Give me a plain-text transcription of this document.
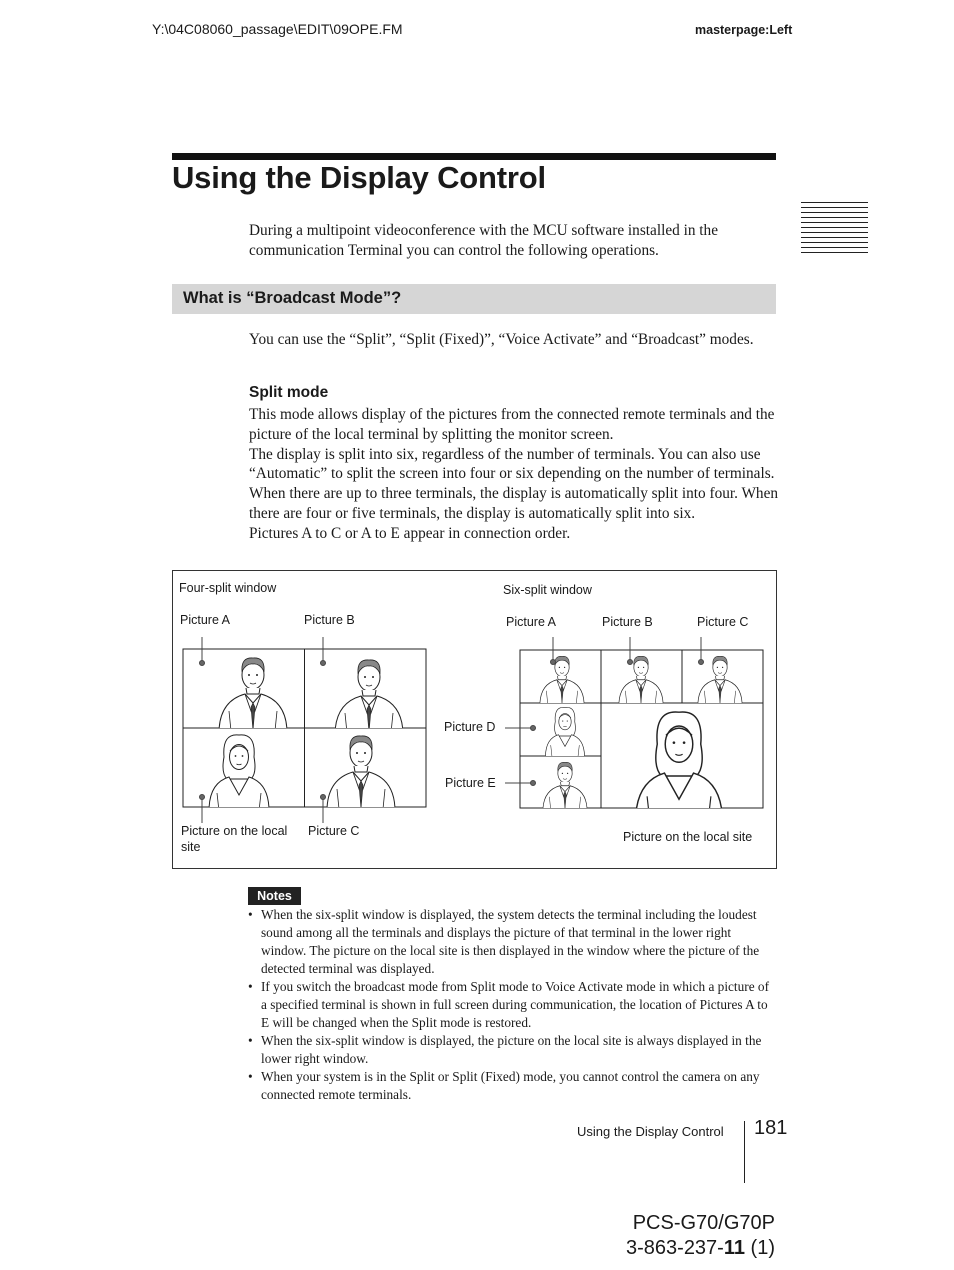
Y:\04C08060_passage\EDIT\09OPE.FM	masterpage:Left
Using the Display Control
During a multipoint videoconference with the MCU software installed in the communication Terminal you can control the following operations.
What is “Broadcast Mode”?
You can use the “Split”, “Split (Fixed)”, “Voice Activate” and “Broadcast” modes.
Split mode

This mode allows display of the pictures from the connected remote terminals and the picture of the local terminal by splitting the monitor screen.

The display is split into six, regardless of the number of terminals. You can also use “Automatic” to split the screen into four or six depending on the number of terminals. When there are up to three terminals, the display is automatically split into four. When there are four or five terminals, the display is automatically split into six.

Pictures A to C or A to E appear in connection order.

Four-split window
Picture A	Picture B
Picture on the local site
Picture C
Six-split window
Picture A	Picture B	Picture C
Picture D
Picture E
Picture on the local site
Notes
• When the six-split window is displayed, the system detects the terminal including the loudest sound among all the terminals and displays the picture of that terminal in the lower right window. The picture on the local site is then displayed in the window where the picture of the detected terminal was displayed.
• If you switch the broadcast mode from Split mode to Voice Activate mode in which a picture of a specified terminal is shown in full screen during communication, the location of Pictures A to E will be changed when the Split mode is restored.
• When the six-split window is displayed, the picture on the local site is always displayed in the lower right window.
• When your system is in the Split or Split (Fixed) mode, you cannot control the camera on any connected remote terminals.
Using the Display Control 181
PCS-G70/G70P
3-863-237-11 (1)
